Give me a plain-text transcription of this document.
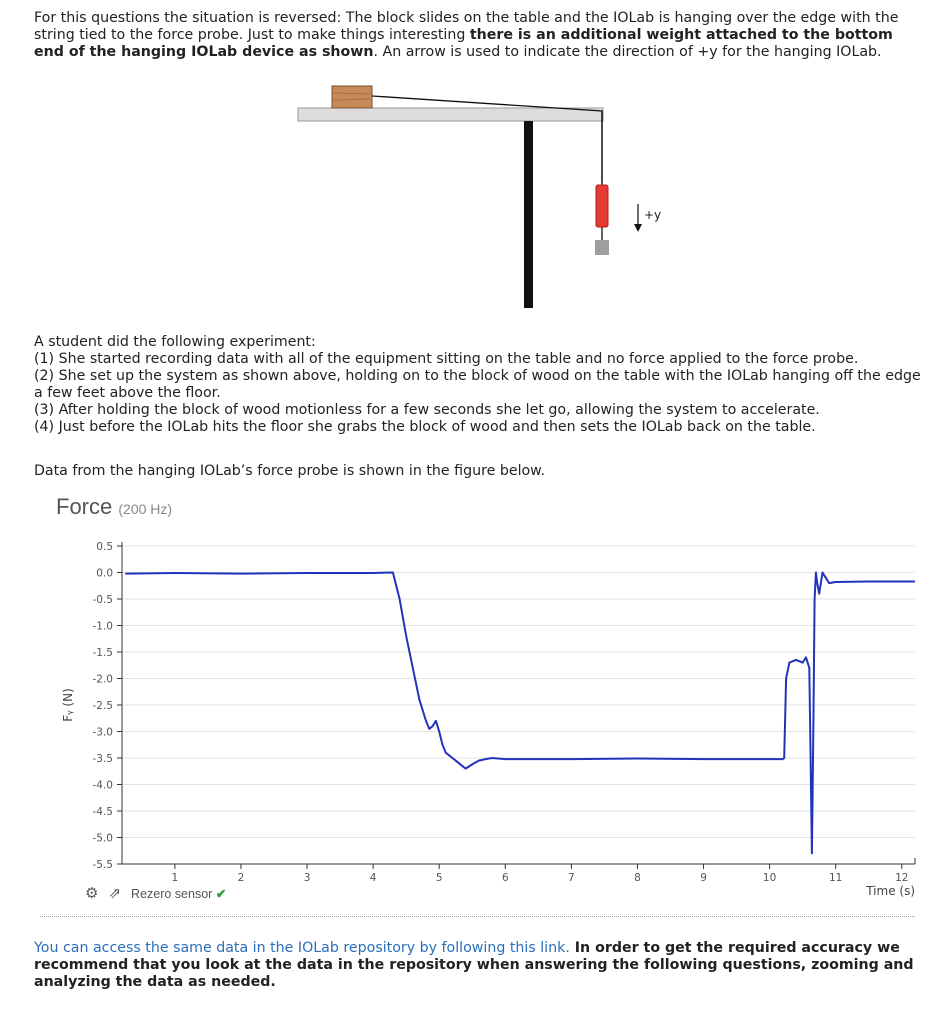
For this questions the situation is reversed: The block slides on the table and the IOLab is hanging over the edge with the string tied to the force probe. Just to make things interesting there is an additional weight attached to the bottom end of the hanging IOLab device as shown. An arrow is used to indicate the direction of +y for the hanging IOLab.
+y
A student did the following experiment:
(1) She started recording data with all of the equipment sitting on the table and no force applied to the force probe.
(2) She set up the system as shown above, holding on to the block of wood on the table with the IOLab hanging off the edge a few feet above the floor.
(3) After holding the block of wood motionless for a few seconds she let go, allowing the system to accelerate.
(4) Just before the IOLab hits the floor she grabs the block of wood and then sets the IOLab back on the table.
Data from the hanging IOLab’s force probe is shown in the figure below.
0.5
0.0
-0.5
-1.0
-1.5
-2.0
-2.5
-3.0
-3.5
-4.0
-4.5
-5.0
-5.5
1	2	3	4	5	6	7	8	9	10	11	12
Fᵧ (N)
Time (s)
Force (200 Hz)
⚙ ⇗ Rezero sensor ✔
You can access the same data in the IOLab repository by following this link. In order to get the required accuracy we recommend that you look at the data in the repository when answering the following questions, zooming and analyzing the data as needed.
